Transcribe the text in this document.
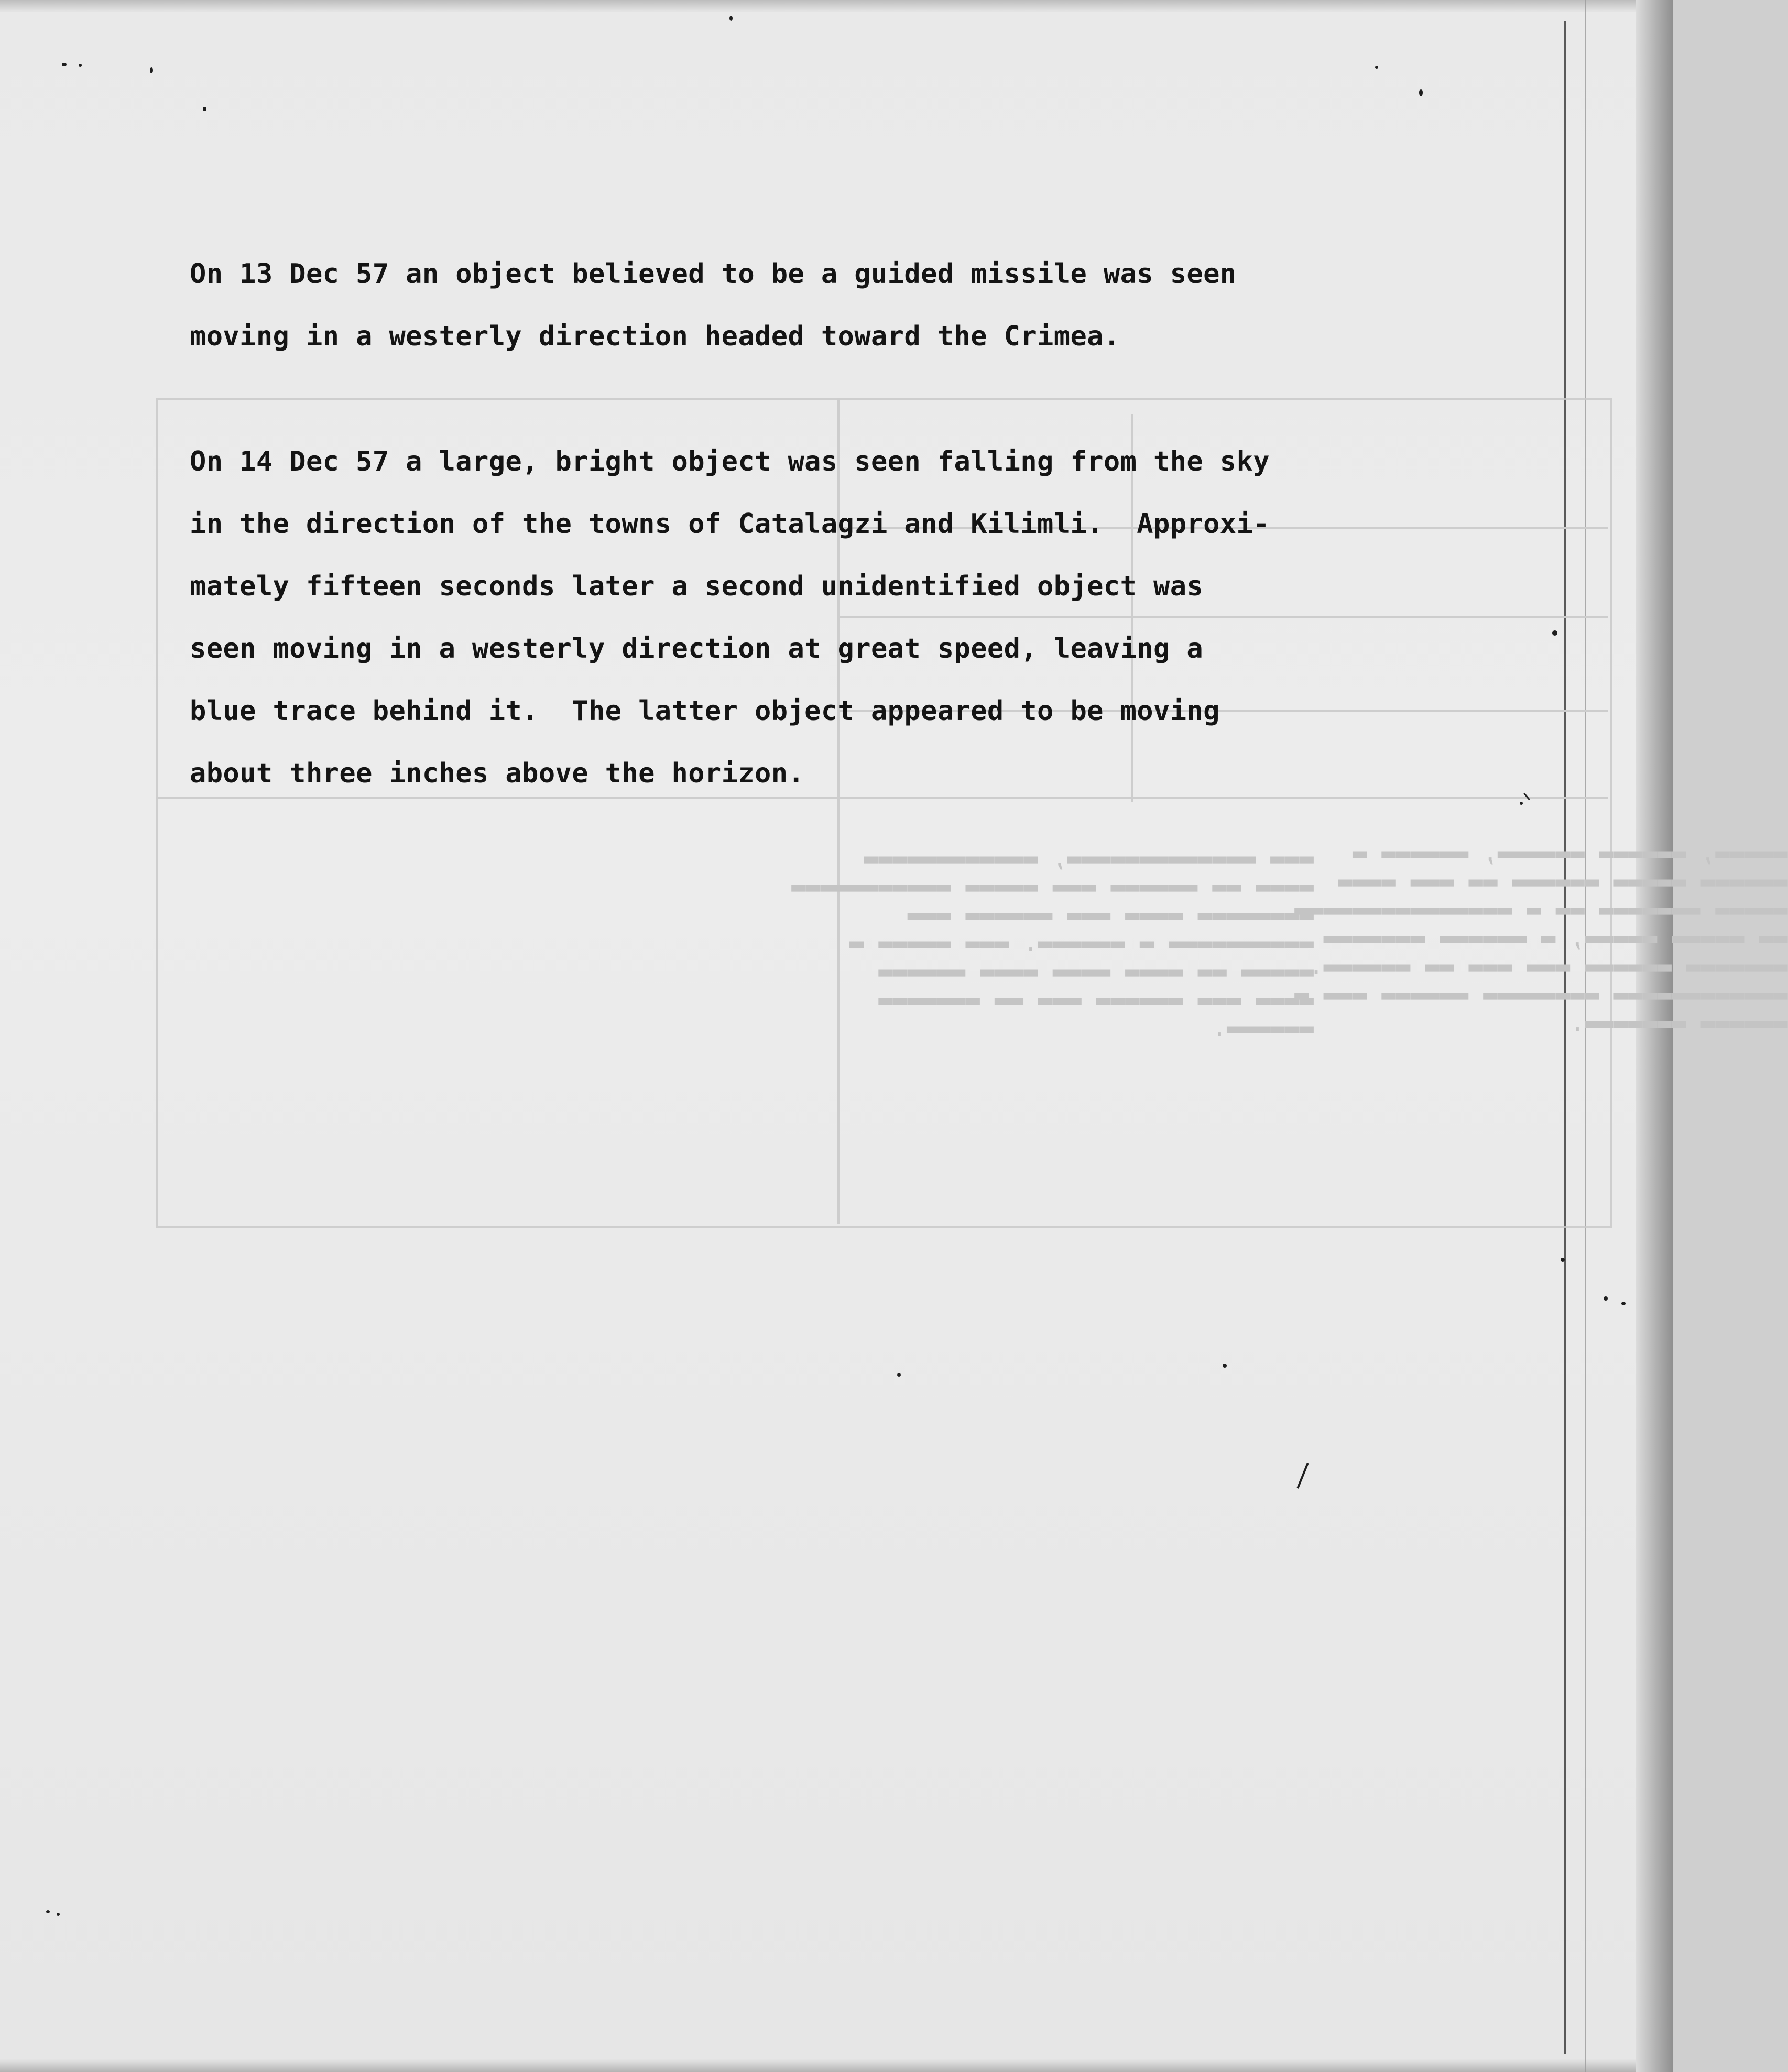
▬▬▬ ▬▬▬▬▬▬▬▬▬▬▬▬▬, ▬▬▬▬▬▬▬▬▬▬▬▬
▬▬▬▬ ▬▬ ▬▬▬▬▬▬ ▬▬▬ ▬▬▬▬▬ ▬▬▬▬▬▬▬▬▬▬▬
▬▬▬▬▬▬▬▬ ▬▬▬▬ ▬▬▬ ▬▬▬▬▬▬ ▬▬▬
▬▬▬▬▬▬▬▬▬▬ ▬ ▬▬▬▬▬▬. ▬▬▬ ▬▬▬▬▬ ▬
▬▬▬▬▬ ▬▬ ▬▬▬▬ ▬▬▬▬ ▬▬▬▬ ▬▬▬▬▬▬
▬▬▬▬ ▬▬▬ ▬▬▬▬▬▬ ▬▬▬ ▬▬ ▬▬▬▬▬▬▬
▬▬▬▬▬▬.
▬▬▬▬▬, ▬▬▬▬▬▬ ▬▬▬▬▬▬, ▬▬▬▬▬▬ ▬
▬▬▬▬▬▬ ▬▬▬▬▬ ▬▬▬▬▬▬ ▬▬ ▬▬▬ ▬▬▬▬
▬▬▬▬▬ ▬▬▬▬▬▬▬ ▬▬ ▬ ▬▬▬▬▬▬▬▬▬▬▬▬▬▬▬
▬▬ ▬▬▬▬▬ ▬▬▬▬▬, ▬ ▬▬▬▬▬▬ ▬▬▬▬▬▬▬
▬▬▬▬▬▬▬ ▬▬▬▬▬▬ ▬▬▬ ▬▬▬ ▬▬ ▬▬▬▬▬▬.
▬▬▬▬▬▬▬▬▬▬▬▬ ▬▬▬▬▬▬▬▬ ▬▬▬▬▬▬ ▬▬▬ ▬
▬▬▬▬▬▬ ▬▬▬▬▬▬▬.
On 13 Dec 57 an object believed to be a guided missile was seen
moving in a westerly direction headed toward the Crimea.
On 14 Dec 57 a large, bright object was seen falling from the sky
in the direction of the towns of Catalagzi and Kilimli.  Approxi-
mately fifteen seconds later a second unidentified object was
seen moving in a westerly direction at great speed, leaving a
blue trace behind it.  The latter object appeared to be moving
about three inches above the horizon.
